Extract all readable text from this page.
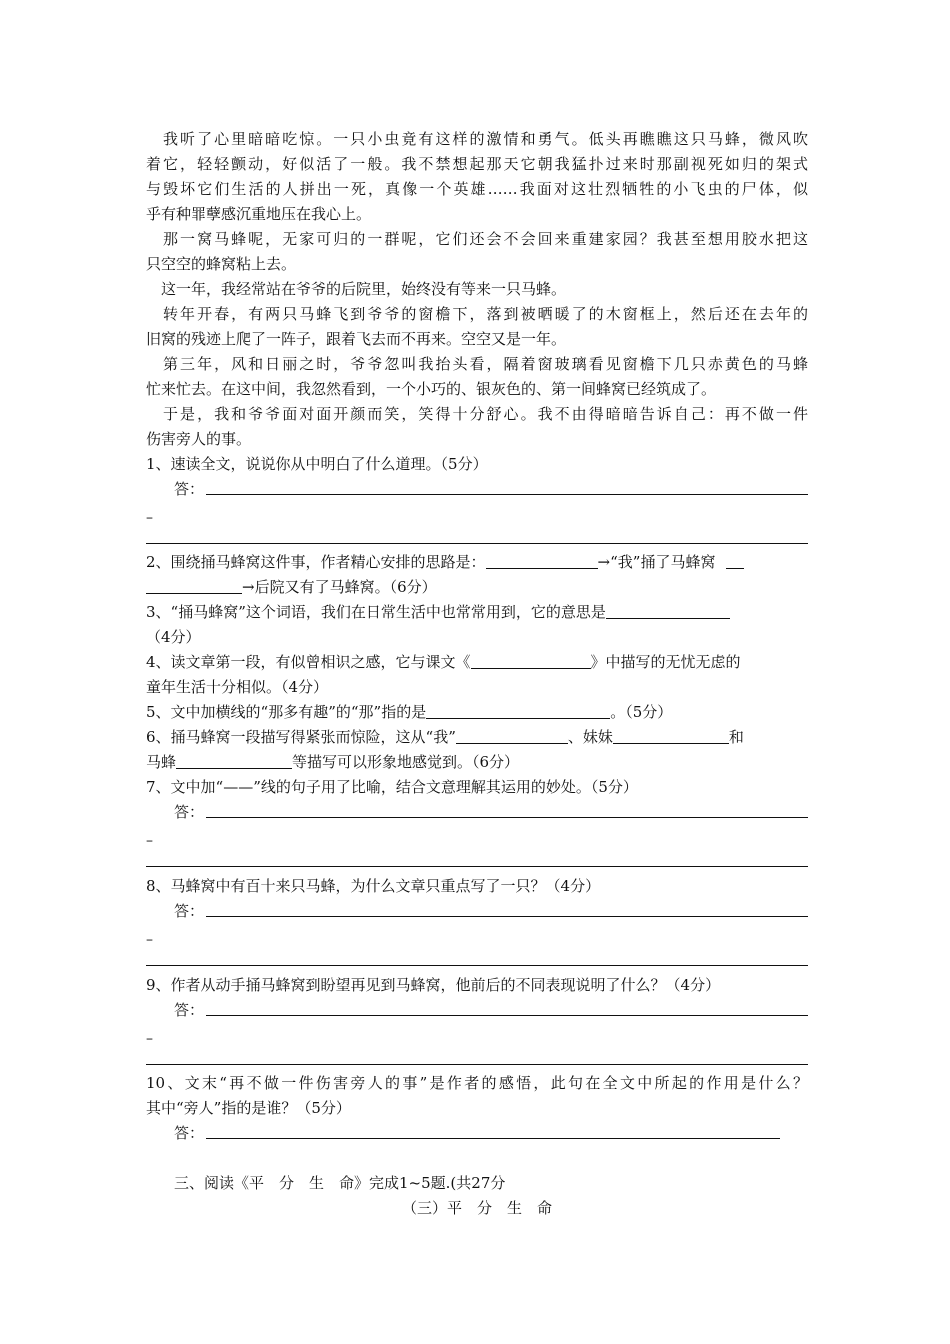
　我听了心里暗暗吃惊。一只小虫竟有这样的激情和勇气。低头再瞧瞧这只马蜂，微风吹
着它，轻轻颤动，好似活了一般。我不禁想起那天它朝我猛扑过来时那副视死如归的架式
与毁坏它们生活的人拼出一死，真像一个英雄……我面对这壮烈牺牲的小飞虫的尸体，似
乎有种罪孽感沉重地压在我心上。
　那一窝马蜂呢，无家可归的一群呢，它们还会不会回来重建家园？我甚至想用胶水把这
只空空的蜂窝粘上去。
　这一年，我经常站在爷爷的后院里，始终没有等来一只马蜂。
　转年开春，有两只马蜂飞到爷爷的窗檐下，落到被晒暖了的木窗框上，然后还在去年的
旧窝的残迹上爬了一阵子，跟着飞去而不再来。空空又是一年。
　第三年，风和日丽之时，爷爷忽叫我抬头看，隔着窗玻璃看见窗檐下几只赤黄色的马蜂
忙来忙去。在这中间，我忽然看到，一个小巧的、银灰色的、第一间蜂窝已经筑成了。
　于是，我和爷爷面对面开颜而笑，笑得十分舒心。我不由得暗暗告诉自己：再不做一件
伤害旁人的事。
1、速读全文，说说你从中明白了什么道理。（5分）
答：
–
2、围绕捅马蜂窝这件事，作者精心安排的思路是：	→“我”捅了马蜂窝
→后院又有了马蜂窝。（6分）
3、“捅马蜂窝”这个词语，我们在日常生活中也常常用到，它的意思是
（4分）
4、读文章第一段，有似曾相识之感，它与课文《	》中描写的无忧无虑的
童年生活十分相似。（4分）
5、文中加横线的“那多有趣”的“那”指的是	。（5分）
6、捅马蜂窝一段描写得紧张而惊险，这从“我”	、妹妹	和
马蜂	等描写可以形象地感觉到。（6分）
7、文中加“——”线的句子用了比喻，结合文意理解其运用的妙处。（5分）
答：
–
8、马蜂窝中有百十来只马蜂，为什么文章只重点写了一只？（4分）
答：
–
9、作者从动手捅马蜂窝到盼望再见到马蜂窝，他前后的不同表现说明了什么？（4分）
答：
–
10、文末“再不做一件伤害旁人的事”是作者的感悟，此句在全文中所起的作用是什么？
其中“旁人”指的是谁？（5分）
答：
三、阅读《平　分　生　命》完成1~5题.(共27分
（三）平　分　生　命
